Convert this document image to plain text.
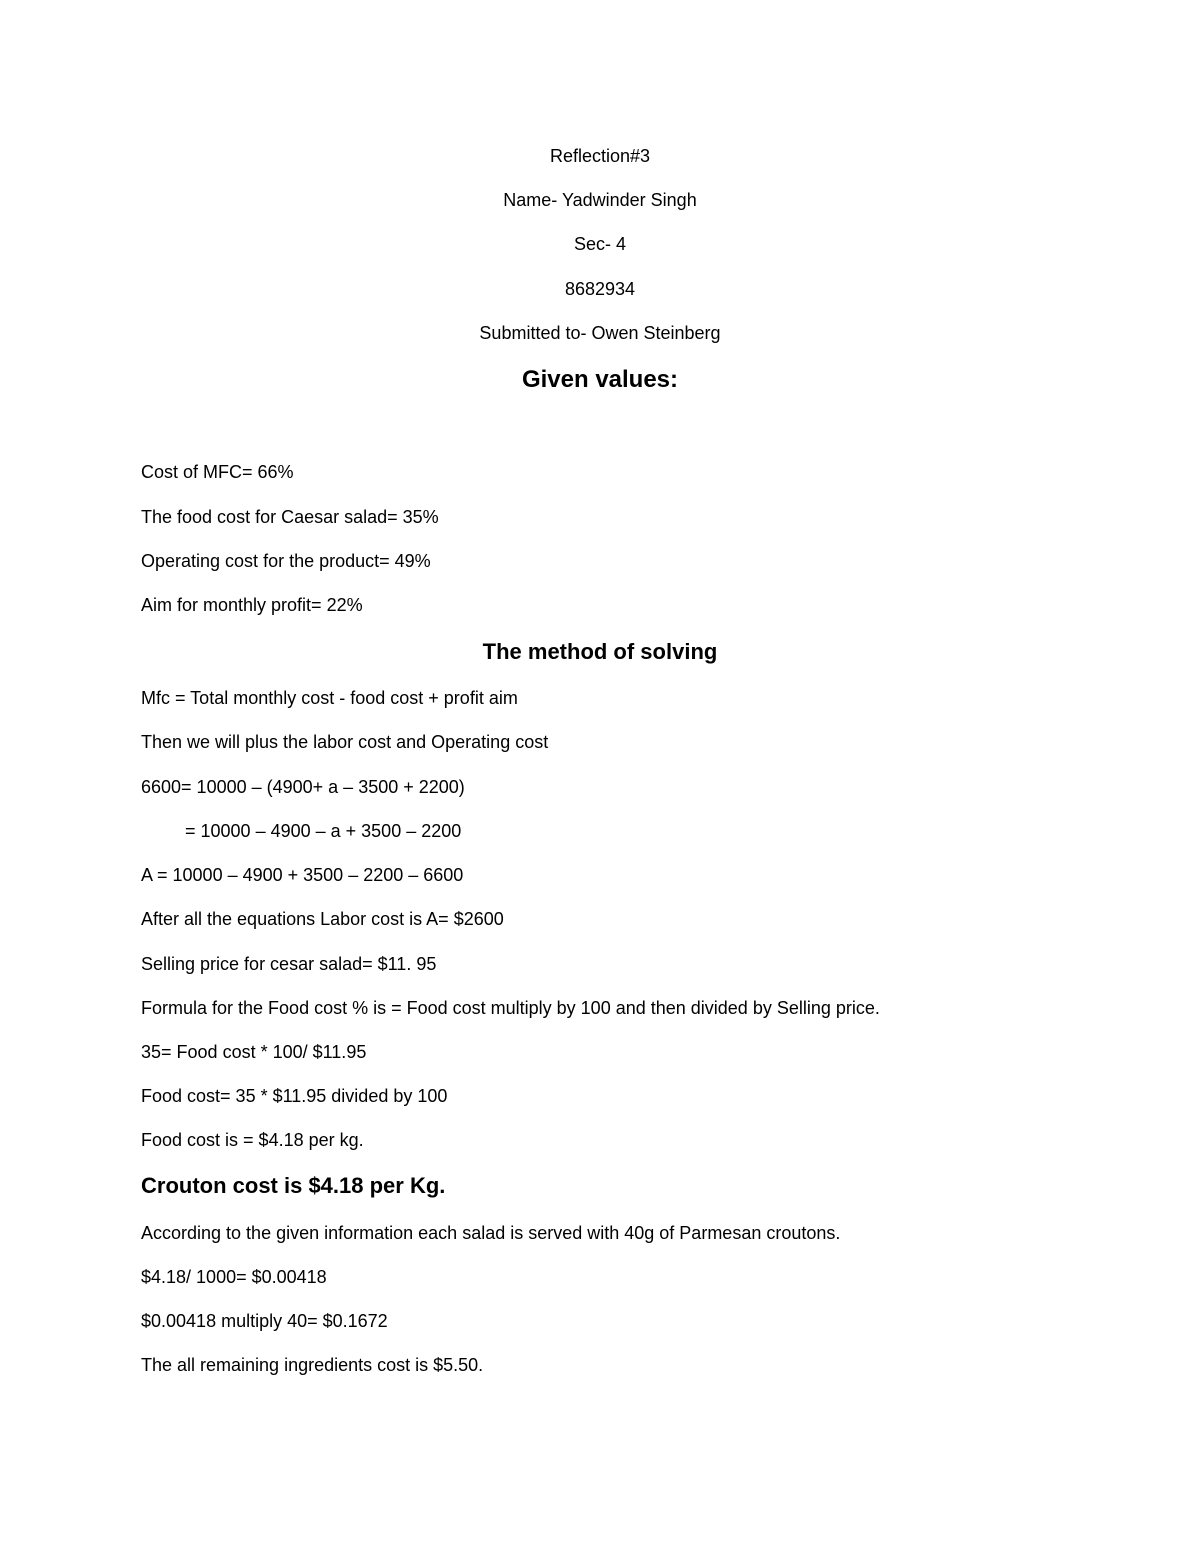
Reflection#3
Name- Yadwinder Singh
Sec- 4
8682934
Submitted to- Owen Steinberg
Given values:
Cost of MFC= 66%
The food cost for Caesar salad= 35%
Operating cost for the product= 49%
Aim for monthly profit= 22%
The method of solving
Mfc = Total monthly cost - food cost + profit aim
Then we will plus the labor cost and Operating cost
6600= 10000 – (4900+ a – 3500 + 2200)
= 10000 – 4900 – a + 3500 – 2200
A = 10000 – 4900 + 3500 – 2200 – 6600
After all the equations Labor cost is A= $2600
Selling price for cesar salad= $11. 95
Formula for the Food cost % is = Food cost multiply by 100 and then divided by Selling price.
35= Food cost * 100/ $11.95
Food cost= 35 * $11.95 divided by 100
Food cost is = $4.18 per kg.
Crouton cost is $4.18 per Kg.
According to the given information each salad is served with 40g of Parmesan croutons.
$4.18/ 1000= $0.00418
$0.00418 multiply 40= $0.1672
The all remaining ingredients cost is $5.50.
